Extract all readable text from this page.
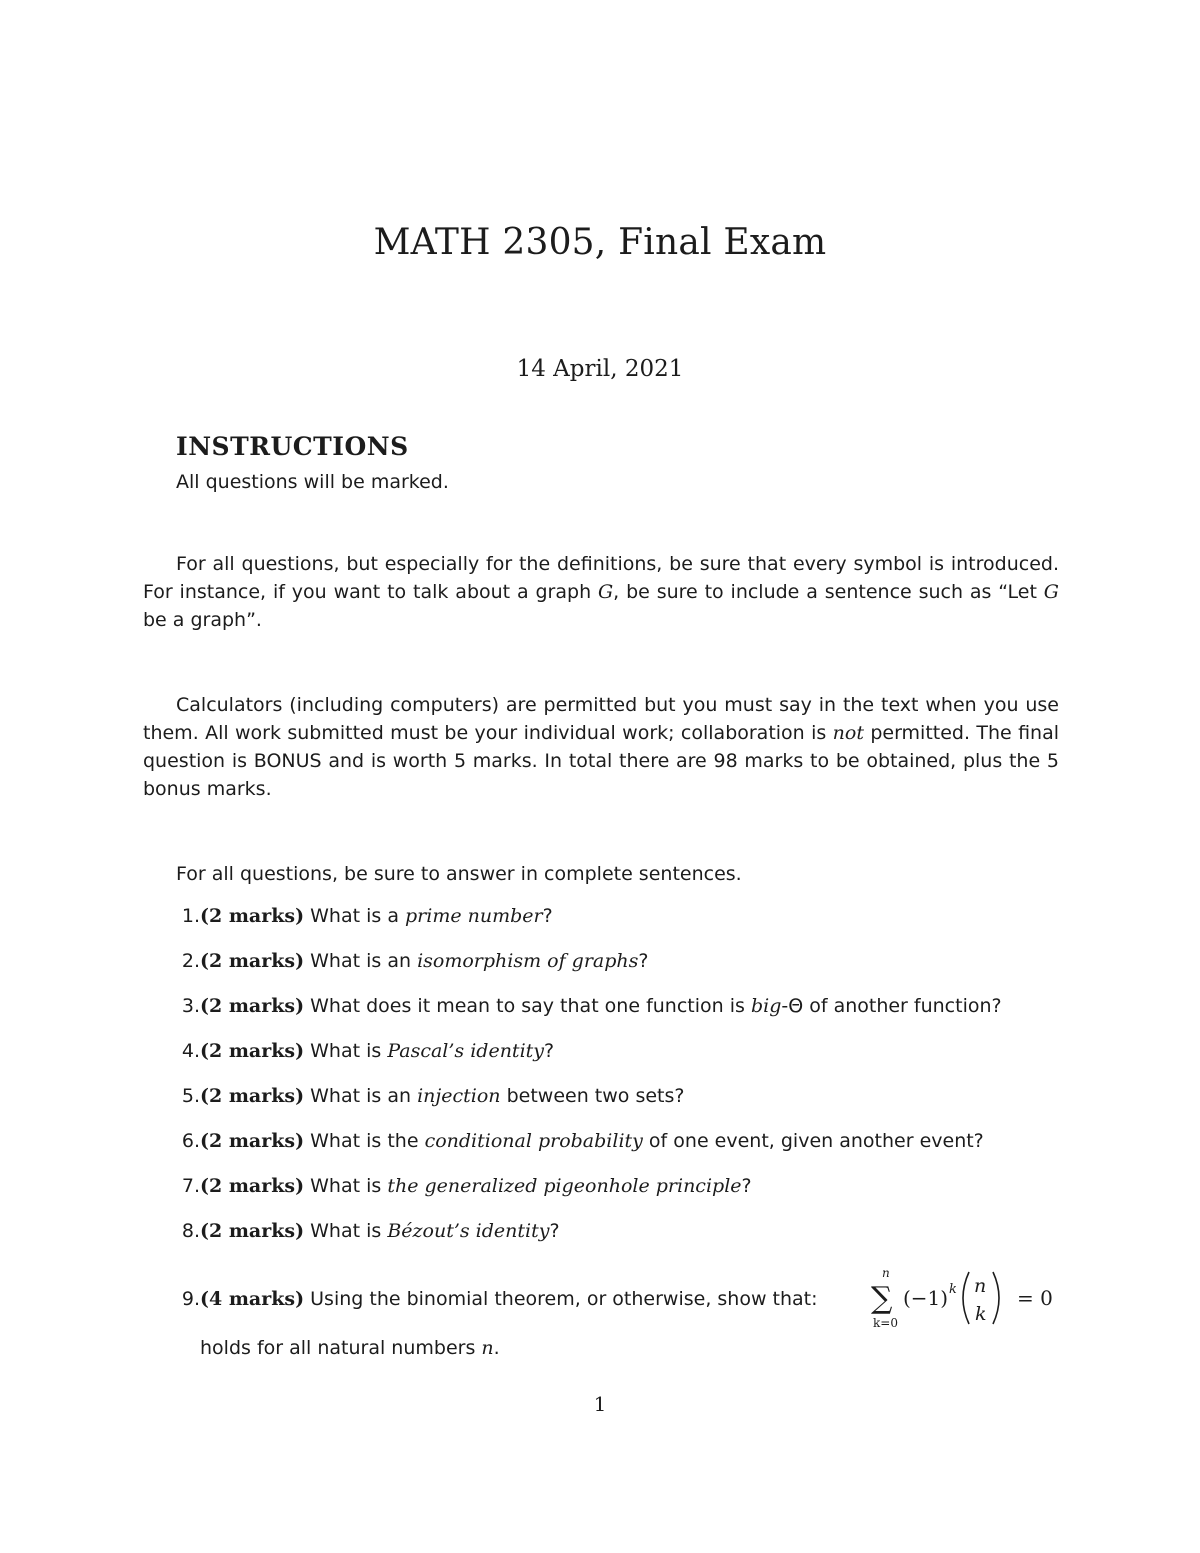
MATH 2305, Final Exam
14 April, 2021
INSTRUCTIONS
All questions will be marked.
For all questions, but especially for the definitions, be sure that every symbol is introduced. For instance, if you want to talk about a graph G, be sure to include a sentence such as “Let G be a graph”.
Calculators (including computers) are permitted but you must say in the text when you use them. All work submitted must be your individual work; collaboration is not permitted. The final question is BONUS and is worth 5 marks. In total there are 98 marks to be obtained, plus the 5 bonus marks.
For all questions, be sure to answer in complete sentences.
1. (2 marks) What is a prime number?
2. (2 marks) What is an isomorphism of graphs?
3. (2 marks) What does it mean to say that one function is big-Θ of another function?
4. (2 marks) What is Pascal’s identity?
5. (2 marks) What is an injection between two sets?
6. (2 marks) What is the conditional probability of one event, given another event?
7. (2 marks) What is the generalized pigeonhole principle?
8. (2 marks) What is Bézout’s identity?
9. (4 marks) Using the binomial theorem, or otherwise, show that:
n
∑
k=0
(−1) k n
k
= 0
holds for all natural numbers n.
1
